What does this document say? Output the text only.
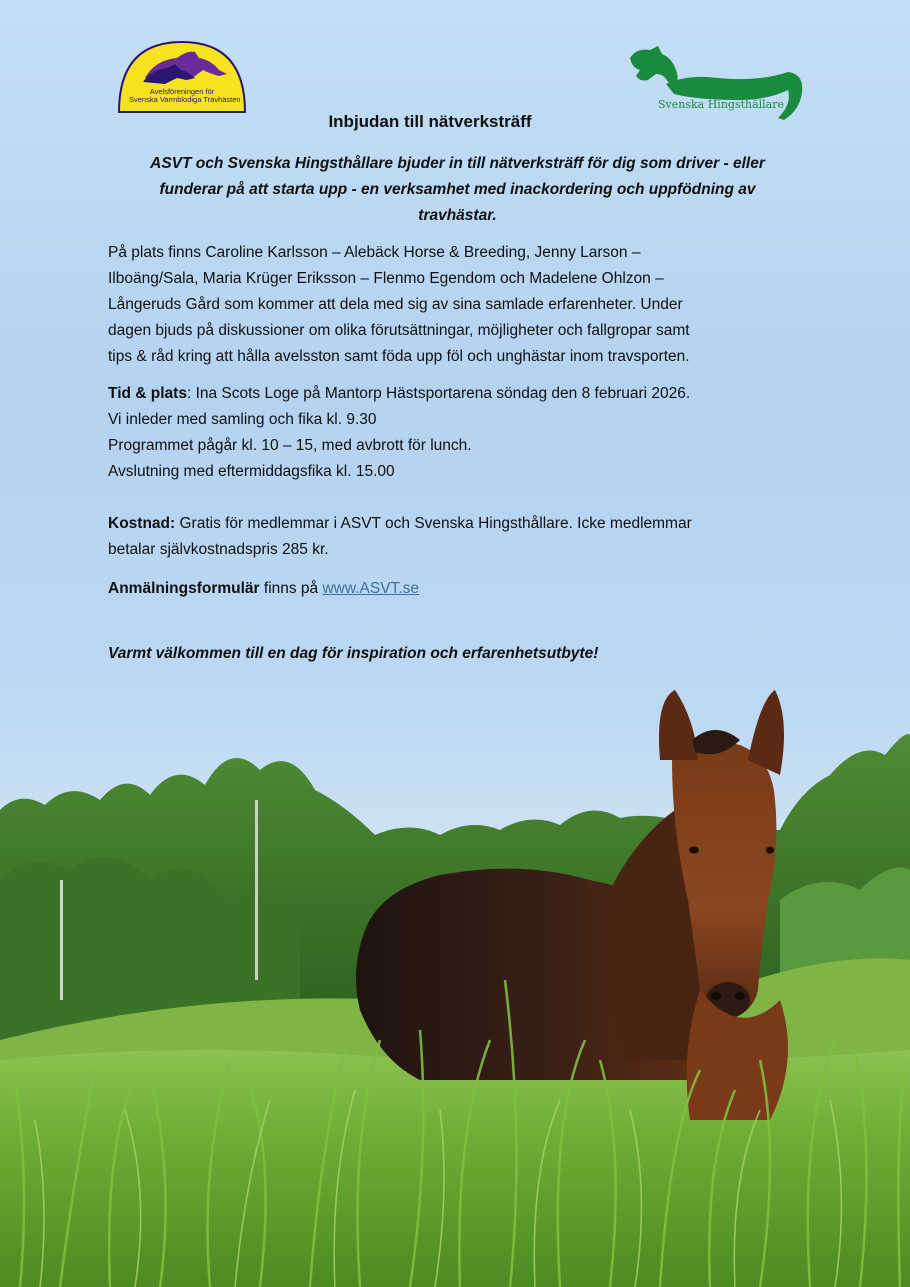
Avelsföreningen för
Svenska Varmblodiga Travhästen	Svenska Hingsthållare
Inbjudan till nätverksträff
ASVT och Svenska Hingsthållare bjuder in till nätverksträff för dig som driver - eller
funderar på att starta upp - en verksamhet med inackordering och uppfödning av
travhästar.

På plats finns Caroline Karlsson – Alebäck Horse & Breeding, Jenny Larson –
Ilboäng/Sala, Maria Krüger Eriksson – Flenmo Egendom och Madelene Ohlzon –
Långeruds Gård som kommer att dela med sig av sina samlade erfarenheter. Under
dagen bjuds på diskussioner om olika förutsättningar, möjligheter och fallgropar samt
tips & råd kring att hålla avelsston samt föda upp föl och unghästar inom travsporten.

Tid & plats: Ina Scots Loge på Mantorp Hästsportarena söndag den 8 februari 2026.
Vi inleder med samling och fika kl. 9.30
Programmet pågår kl. 10 – 15, med avbrott för lunch.
Avslutning med eftermiddagsfika kl. 15.00

Kostnad: Gratis för medlemmar i ASVT och Svenska Hingsthållare. Icke medlemmar
betalar självkostnadspris 285 kr.

Anmälningsformulär finns på www.ASVT.se

Varmt välkommen till en dag för inspiration och erfarenhetsutbyte!
